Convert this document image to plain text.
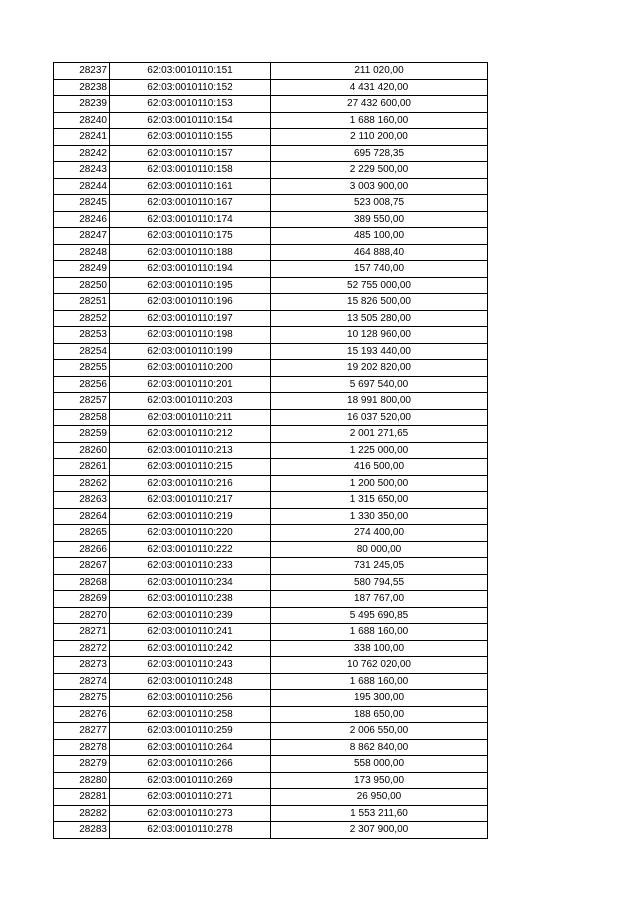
28237	62:03:0010110:151	211 020,00
28238	62:03:0010110:152	4 431 420,00
28239	62:03:0010110:153	27 432 600,00
28240	62:03:0010110:154	1 688 160,00
28241	62:03:0010110:155	2 110 200,00
28242	62:03:0010110:157	695 728,35
28243	62:03:0010110:158	2 229 500,00
28244	62:03:0010110:161	3 003 900,00
28245	62:03:0010110:167	523 008,75
28246	62:03:0010110:174	389 550,00
28247	62:03:0010110:175	485 100,00
28248	62:03:0010110:188	464 888,40
28249	62:03:0010110:194	157 740,00
28250	62:03:0010110:195	52 755 000,00
28251	62:03:0010110:196	15 826 500,00
28252	62:03:0010110:197	13 505 280,00
28253	62:03:0010110:198	10 128 960,00
28254	62:03:0010110:199	15 193 440,00
28255	62:03:0010110:200	19 202 820,00
28256	62:03:0010110:201	5 697 540,00
28257	62:03:0010110:203	18 991 800,00
28258	62:03:0010110:211	16 037 520,00
28259	62:03:0010110:212	2 001 271,65
28260	62:03:0010110:213	1 225 000,00
28261	62:03:0010110:215	416 500,00
28262	62:03:0010110:216	1 200 500,00
28263	62:03:0010110:217	1 315 650,00
28264	62:03:0010110:219	1 330 350,00
28265	62:03:0010110:220	274 400,00
28266	62:03:0010110:222	80 000,00
28267	62:03:0010110:233	731 245,05
28268	62:03:0010110:234	580 794,55
28269	62:03:0010110:238	187 767,00
28270	62:03:0010110:239	5 495 690,85
28271	62:03:0010110:241	1 688 160,00
28272	62:03:0010110:242	338 100,00
28273	62:03:0010110:243	10 762 020,00
28274	62:03:0010110:248	1 688 160,00
28275	62:03:0010110:256	195 300,00
28276	62:03:0010110:258	188 650,00
28277	62:03:0010110:259	2 006 550,00
28278	62:03:0010110:264	8 862 840,00
28279	62:03:0010110:266	558 000,00
28280	62:03:0010110:269	173 950,00
28281	62:03:0010110:271	26 950,00
28282	62:03:0010110:273	1 553 211,60
28283	62:03:0010110:278	2 307 900,00
